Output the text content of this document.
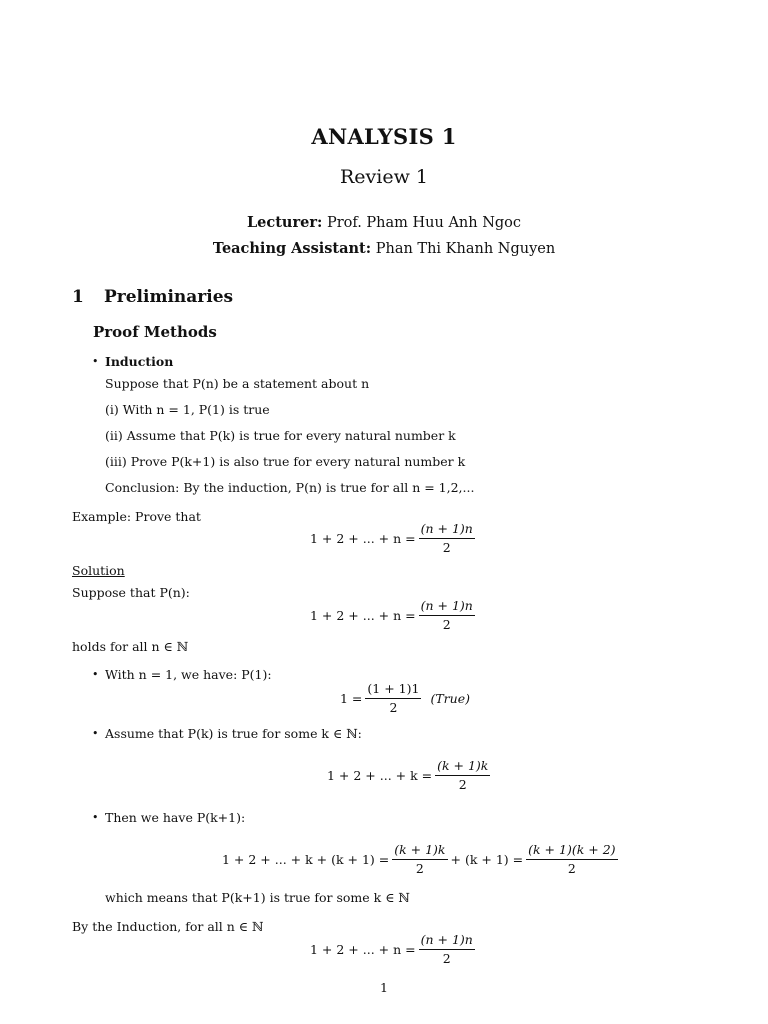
ANALYSIS 1
Review 1
Lecturer: Prof. Pham Huu Anh Ngoc
Teaching Assistant: Phan Thi Khanh Nguyen
1 Preliminaries
Proof Methods
• Induction
Suppose that P(n) be a statement about n
(i) With n = 1, P(1) is true
(ii) Assume that P(k) is true for every natural number k
(iii) Prove P(k+1) is also true for every natural number k
Conclusion: By the induction, P(n) is true for all n = 1,2,...
Example: Prove that
1 + 2 + ... + $n = \frac{(n + 1)n}{2}$
Solution
Suppose that P(n):
1 + 2 + ... + $n = \frac{(n + 1)n}{2}$
holds for all n ∈ ℕ
• With n = 1, we have: P(1):
$1 = \frac{(1 + 1)1}{2}$ (True)
• Assume that P(k) is true for some k ∈ ℕ:
1 + 2 + ... + $k = \frac{(k + 1)k}{2}$
• Then we have P(k+1):
1 + 2 + ... + $k + (k + 1) = \frac{(k + 1)k}{2} + (k + 1) = \frac{(k + 1)(k + 2)}{2}$
which means that P(k+1) is true for some k ∈ ℕ
By the Induction, for all n ∈ ℕ
1 + 2 + ... + $n = \frac{(n + 1)n}{2}$
1
